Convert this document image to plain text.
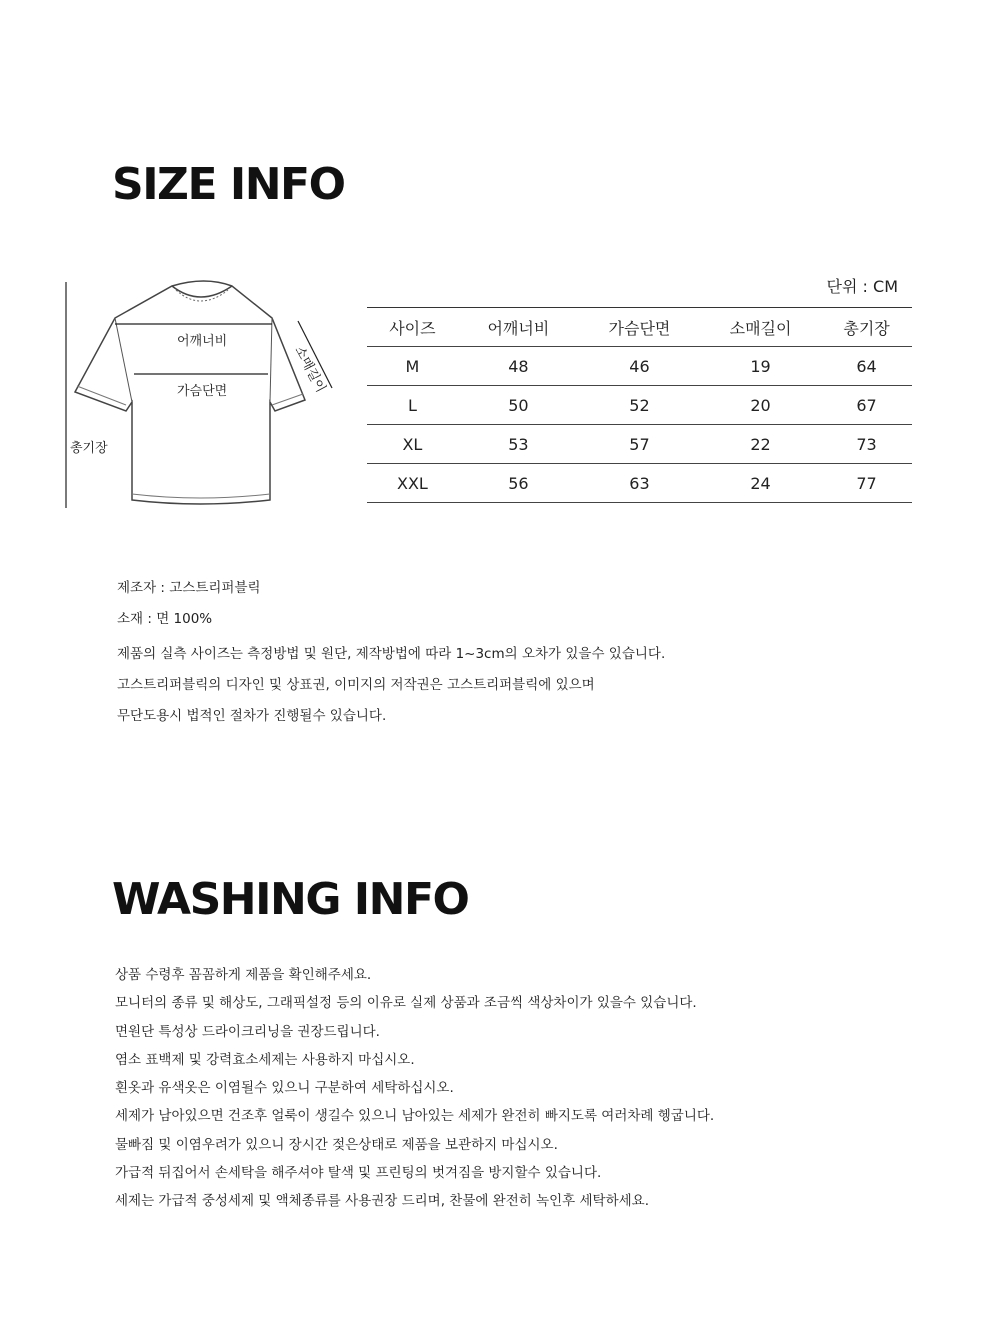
SIZE INFO
어깨너비
가슴단면	소매길이
총기장
단위 : CM
사이즈	어깨너비	가슴단면	소매길이	총기장
M	48	46	19	64
L	50	52	20	67
XL	53	57	22	73
XXL	56	63	24	77
제조자 : 고스트리퍼블릭
소재 : 면 100%
제품의 실측 사이즈는 측정방법 및 원단, 제작방법에 따라 1~3cm의 오차가 있을수 있습니다.
고스트리퍼블릭의 디자인 및 상표권, 이미지의 저작권은 고스트리퍼블릭에 있으며
무단도용시 법적인 절차가 진행될수 있습니다.
WASHING INFO
상품 수령후 꼼꼼하게 제품을 확인해주세요.
모니터의 종류 및 해상도, 그래픽설정 등의 이유로 실제 상품과 조금씩 색상차이가 있을수 있습니다.
면원단 특성상 드라이크리닝을 권장드립니다.
염소 표백제 및 강력효소세제는 사용하지 마십시오.
흰옷과 유색옷은 이염될수 있으니 구분하여 세탁하십시오.
세제가 남아있으면 건조후 얼룩이 생길수 있으니 남아있는 세제가 완전히 빠지도록 여러차례 헹굽니다.
물빠짐 및 이염우려가 있으니 장시간 젖은상태로 제품을 보관하지 마십시오.
가급적 뒤집어서 손세탁을 해주셔야 탈색 및 프린팅의 벗겨짐을 방지할수 있습니다.
세제는 가급적 중성세제 및 액체종류를 사용권장 드리며, 찬물에 완전히 녹인후 세탁하세요.
